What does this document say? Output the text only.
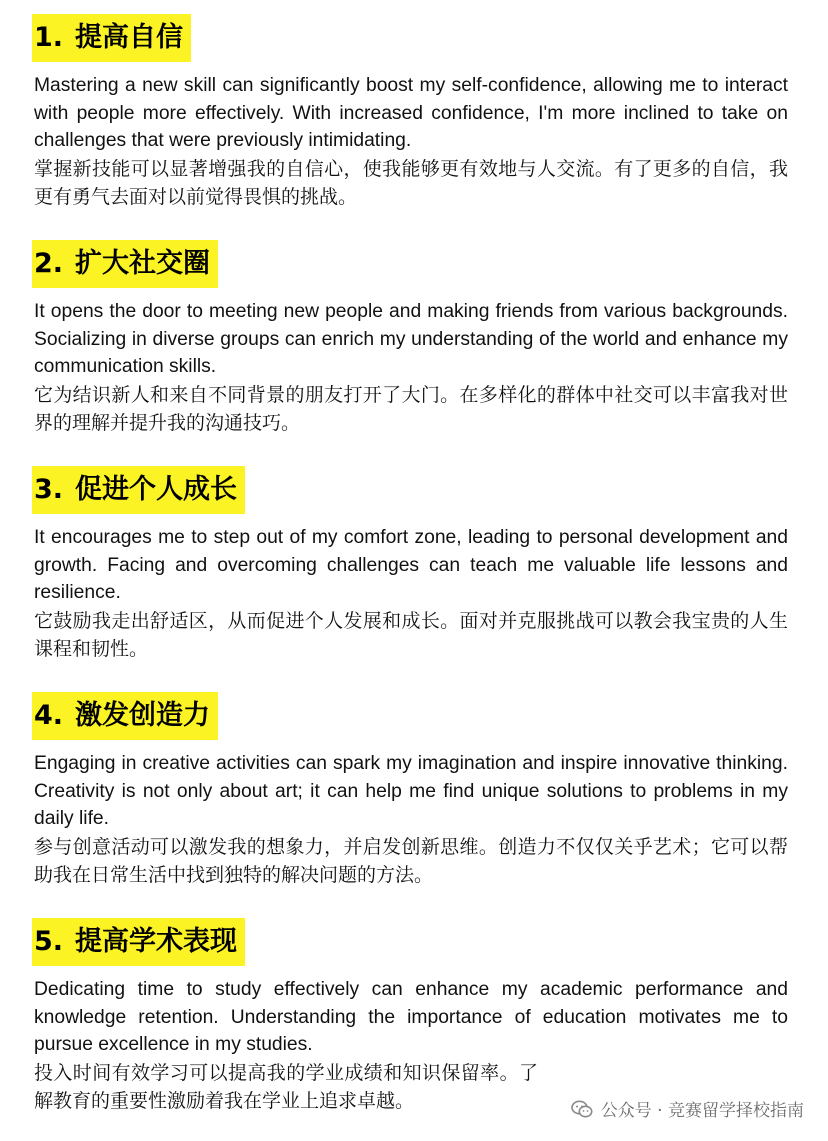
1. 提高自信

Mastering a new skill can significantly boost my self-confidence, allowing me to interact with people more effectively. With increased confidence, I'm more inclined to take on challenges that were previously intimidating.

掌握新技能可以显著增强我的自信心，使我能够更有效地与人交流。有了更多的自信，我更有勇气去面对以前觉得畏惧的挑战。

2. 扩大社交圈

It opens the door to meeting new people and making friends from various backgrounds. Socializing in diverse groups can enrich my understanding of the world and enhance my communication skills.

它为结识新人和来自不同背景的朋友打开了大门。在多样化的群体中社交可以丰富我对世界的理解并提升我的沟通技巧。

3. 促进个人成长

It encourages me to step out of my comfort zone, leading to personal development and growth. Facing and overcoming challenges can teach me valuable life lessons and resilience.

它鼓励我走出舒适区，从而促进个人发展和成长。面对并克服挑战可以教会我宝贵的人生课程和韧性。

4. 激发创造力

Engaging in creative activities can spark my imagination and inspire innovative thinking. Creativity is not only about art; it can help me find unique solutions to problems in my daily life.

参与创意活动可以激发我的想象力，并启发创新思维。创造力不仅仅关乎艺术；它可以帮助我在日常生活中找到独特的解决问题的方法。

5. 提高学术表现

Dedicating time to study effectively can enhance my academic performance and knowledge retention. Understanding the importance of education motivates me to pursue excellence in my studies.

投入时间有效学习可以提高我的学业成绩和知识保留率。了解教育的重要性激励着我在学业上追求卓越。	公众号 · 竞赛留学择校指南
